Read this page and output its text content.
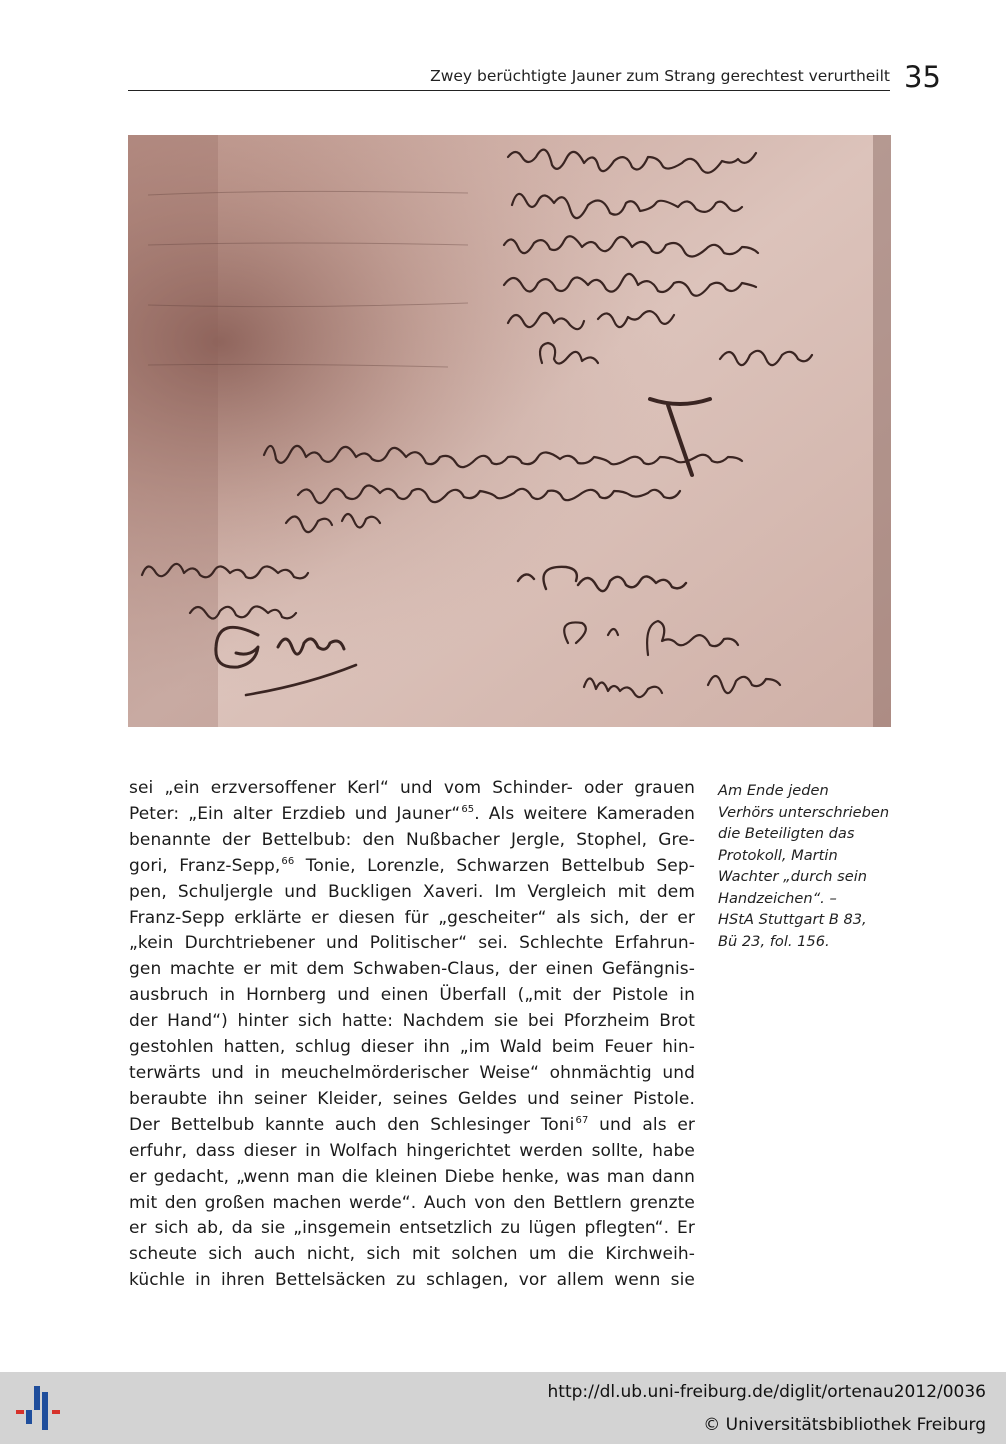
Zwey berüchtigte Jauner zum Strang gerechtest verurtheilt 35
sei „ein erzversoffener Kerl“ und vom Schinder- oder grauen
Peter: „Ein alter Erzdieb und Jauner“$^{65}$. Als weitere Kameraden
benannte der Bettelbub: den Nußbacher Jergle, Stophel, Gre-
gori, Franz-Sepp,$^{66}$ Tonie, Lorenzle, Schwarzen Bettelbub Sep-
pen, Schuljergle und Buckligen Xaveri. Im Vergleich mit dem
Franz-Sepp erklärte er diesen für „gescheiter“ als sich, der er
„kein Durchtriebener und Politischer“ sei. Schlechte Erfahrun-
gen machte er mit dem Schwaben-Claus, der einen Gefängnis-
ausbruch in Hornberg und einen Überfall („mit der Pistole in
der Hand“) hinter sich hatte: Nachdem sie bei Pforzheim Brot
gestohlen hatten, schlug dieser ihn „im Wald beim Feuer hin-
terwärts und in meuchelmörderischer Weise“ ohnmächtig und
beraubte ihn seiner Kleider, seines Geldes und seiner Pistole.
Der Bettelbub kannte auch den Schlesinger Toni$^{67}$ und als er
erfuhr, dass dieser in Wolfach hingerichtet werden sollte, habe
er gedacht, „wenn man die kleinen Diebe henke, was man dann
mit den großen machen werde“. Auch von den Bettlern grenzte
er sich ab, da sie „insgemein entsetzlich zu lügen pflegten“. Er
scheute sich auch nicht, sich mit solchen um die Kirchweih-
küchle in ihren Bettelsäcken zu schlagen, vor allem wenn sie
Am Ende jeden
Verhörs unterschrieben
die Beteiligten das
Protokoll, Martin
Wachter „durch sein
Handzeichen“. –
HStA Stuttgart B 83,
Bü 23, fol. 156.
http://dl.ub.uni-freiburg.de/diglit/ortenau2012/0036
© Universitätsbibliothek Freiburg
